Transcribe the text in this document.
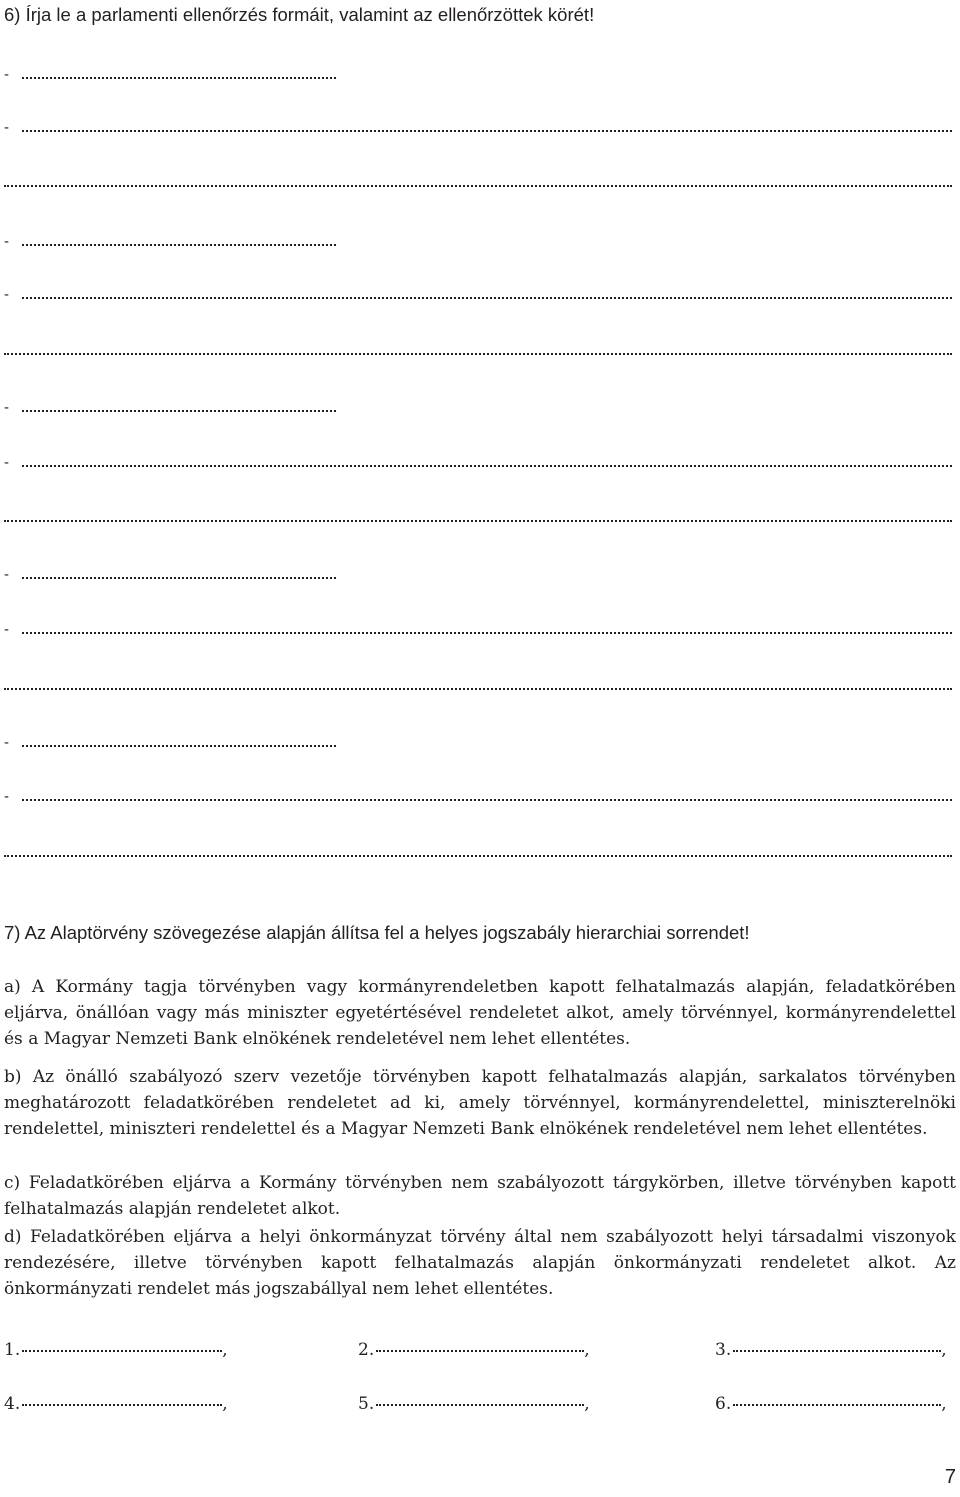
6) Írja le a parlamenti ellenőrzés formáit, valamint az ellenőrzöttek körét!
-
-
-
-
-
-
-
-
-
-
7) Az Alaptörvény szövegezése alapján állítsa fel a helyes jogszabály hierarchiai sorrendet!

a) A Kormány tagja törvényben vagy kormányrendeletben kapott felhatalmazás alapján, feladatkörében eljárva, önállóan vagy más miniszter egyetértésével rendeletet alkot, amely törvénnyel, kormányrendelettel és a Magyar Nemzeti Bank elnökének rendeletével nem lehet ellentétes.

b) Az önálló szabályozó szerv vezetője törvényben kapott felhatalmazás alapján, sarkalatos törvényben meghatározott feladatkörében rendeletet ad ki, amely törvénnyel, kormányrendelettel, miniszterelnöki rendelettel, miniszteri rendelettel és a Magyar Nemzeti Bank elnökének rendeletével nem lehet ellentétes.

c) Feladatkörében eljárva a Kormány törvényben nem szabályozott tárgykörben, illetve törvényben kapott felhatalmazás alapján rendeletet alkot.

d) Feladatkörében eljárva a helyi önkormányzat törvény által nem szabályozott helyi társadalmi viszonyok rendezésére, illetve törvényben kapott felhatalmazás alapján önkormányzati rendeletet alkot. Az önkormányzati rendelet más jogszabállyal nem lehet ellentétes.

1.	,	2.	,	3.	,
4.	,	5.	,	6.	,
7
